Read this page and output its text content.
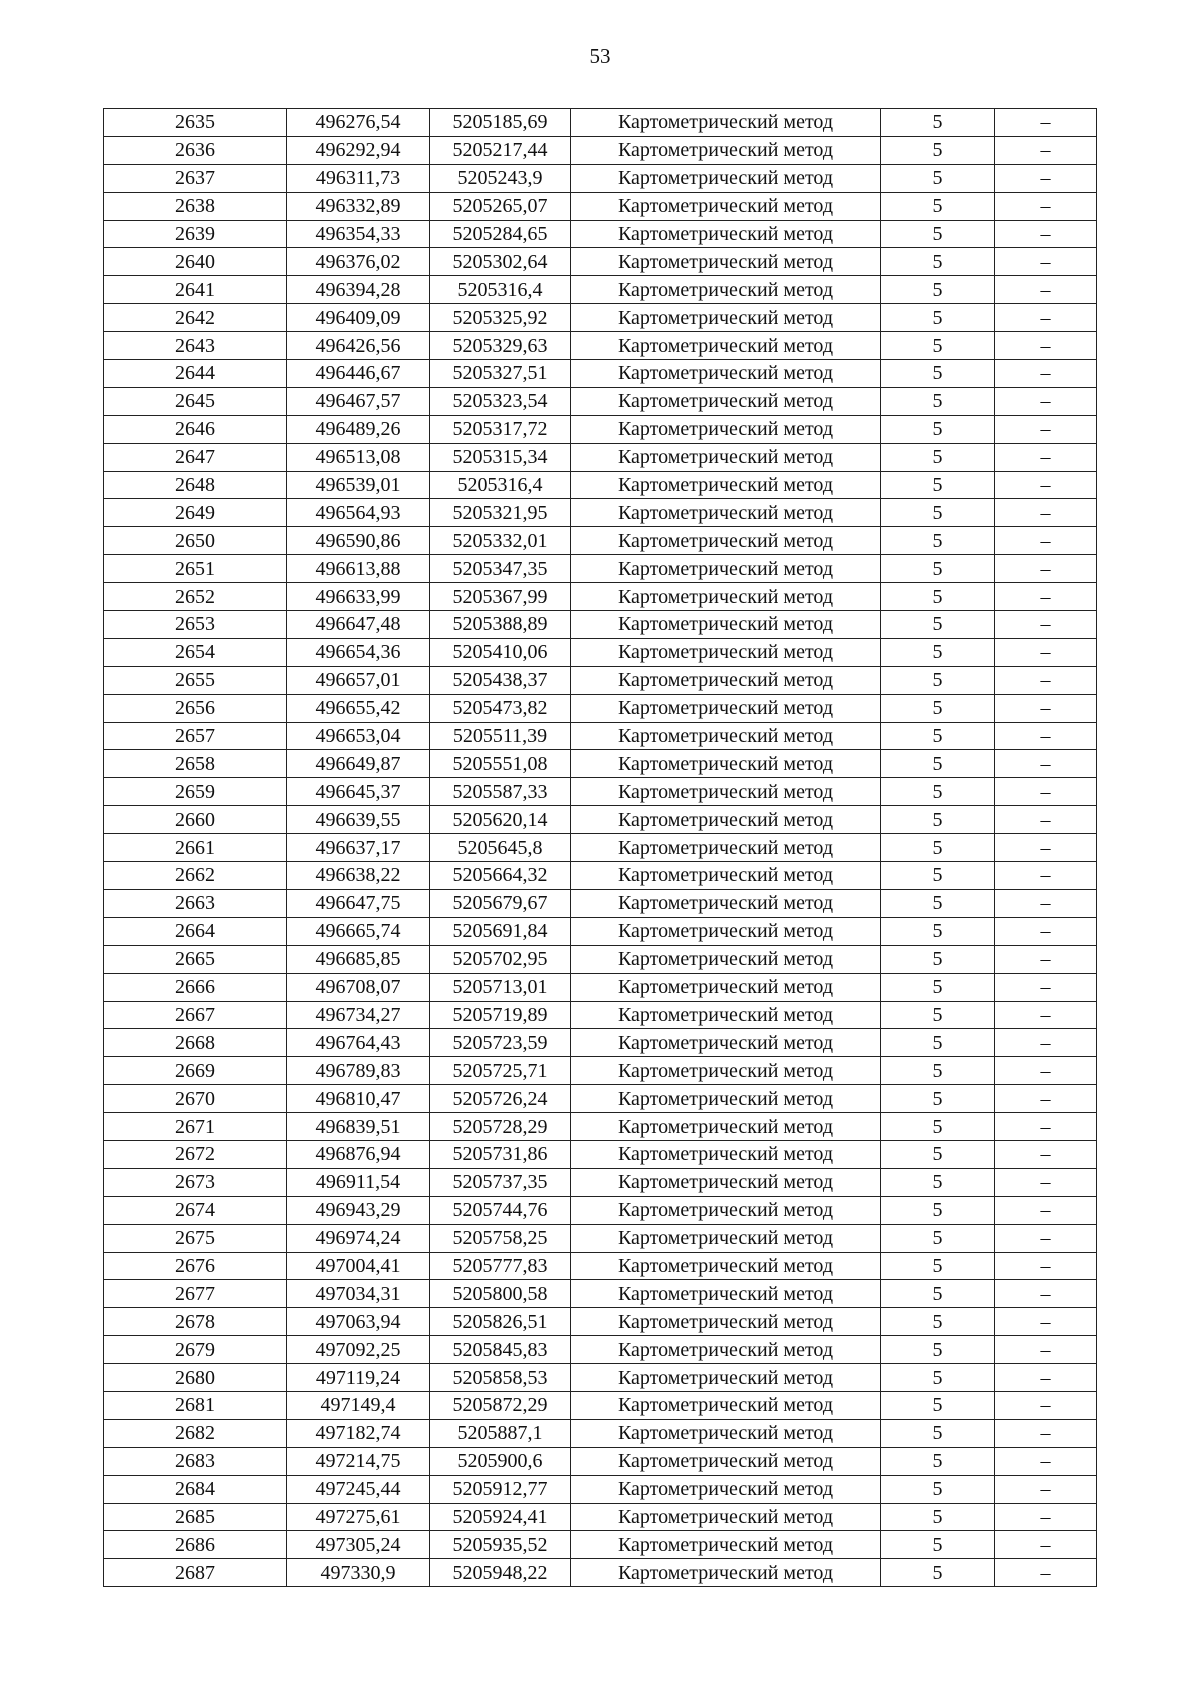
53
2635	496276,54	5205185,69	Картометрический метод	5	–
2636	496292,94	5205217,44	Картометрический метод	5	–
2637	496311,73	5205243,9	Картометрический метод	5	–
2638	496332,89	5205265,07	Картометрический метод	5	–
2639	496354,33	5205284,65	Картометрический метод	5	–
2640	496376,02	5205302,64	Картометрический метод	5	–
2641	496394,28	5205316,4	Картометрический метод	5	–
2642	496409,09	5205325,92	Картометрический метод	5	–
2643	496426,56	5205329,63	Картометрический метод	5	–
2644	496446,67	5205327,51	Картометрический метод	5	–
2645	496467,57	5205323,54	Картометрический метод	5	–
2646	496489,26	5205317,72	Картометрический метод	5	–
2647	496513,08	5205315,34	Картометрический метод	5	–
2648	496539,01	5205316,4	Картометрический метод	5	–
2649	496564,93	5205321,95	Картометрический метод	5	–
2650	496590,86	5205332,01	Картометрический метод	5	–
2651	496613,88	5205347,35	Картометрический метод	5	–
2652	496633,99	5205367,99	Картометрический метод	5	–
2653	496647,48	5205388,89	Картометрический метод	5	–
2654	496654,36	5205410,06	Картометрический метод	5	–
2655	496657,01	5205438,37	Картометрический метод	5	–
2656	496655,42	5205473,82	Картометрический метод	5	–
2657	496653,04	5205511,39	Картометрический метод	5	–
2658	496649,87	5205551,08	Картометрический метод	5	–
2659	496645,37	5205587,33	Картометрический метод	5	–
2660	496639,55	5205620,14	Картометрический метод	5	–
2661	496637,17	5205645,8	Картометрический метод	5	–
2662	496638,22	5205664,32	Картометрический метод	5	–
2663	496647,75	5205679,67	Картометрический метод	5	–
2664	496665,74	5205691,84	Картометрический метод	5	–
2665	496685,85	5205702,95	Картометрический метод	5	–
2666	496708,07	5205713,01	Картометрический метод	5	–
2667	496734,27	5205719,89	Картометрический метод	5	–
2668	496764,43	5205723,59	Картометрический метод	5	–
2669	496789,83	5205725,71	Картометрический метод	5	–
2670	496810,47	5205726,24	Картометрический метод	5	–
2671	496839,51	5205728,29	Картометрический метод	5	–
2672	496876,94	5205731,86	Картометрический метод	5	–
2673	496911,54	5205737,35	Картометрический метод	5	–
2674	496943,29	5205744,76	Картометрический метод	5	–
2675	496974,24	5205758,25	Картометрический метод	5	–
2676	497004,41	5205777,83	Картометрический метод	5	–
2677	497034,31	5205800,58	Картометрический метод	5	–
2678	497063,94	5205826,51	Картометрический метод	5	–
2679	497092,25	5205845,83	Картометрический метод	5	–
2680	497119,24	5205858,53	Картометрический метод	5	–
2681	497149,4	5205872,29	Картометрический метод	5	–
2682	497182,74	5205887,1	Картометрический метод	5	–
2683	497214,75	5205900,6	Картометрический метод	5	–
2684	497245,44	5205912,77	Картометрический метод	5	–
2685	497275,61	5205924,41	Картометрический метод	5	–
2686	497305,24	5205935,52	Картометрический метод	5	–
2687	497330,9	5205948,22	Картометрический метод	5	–
